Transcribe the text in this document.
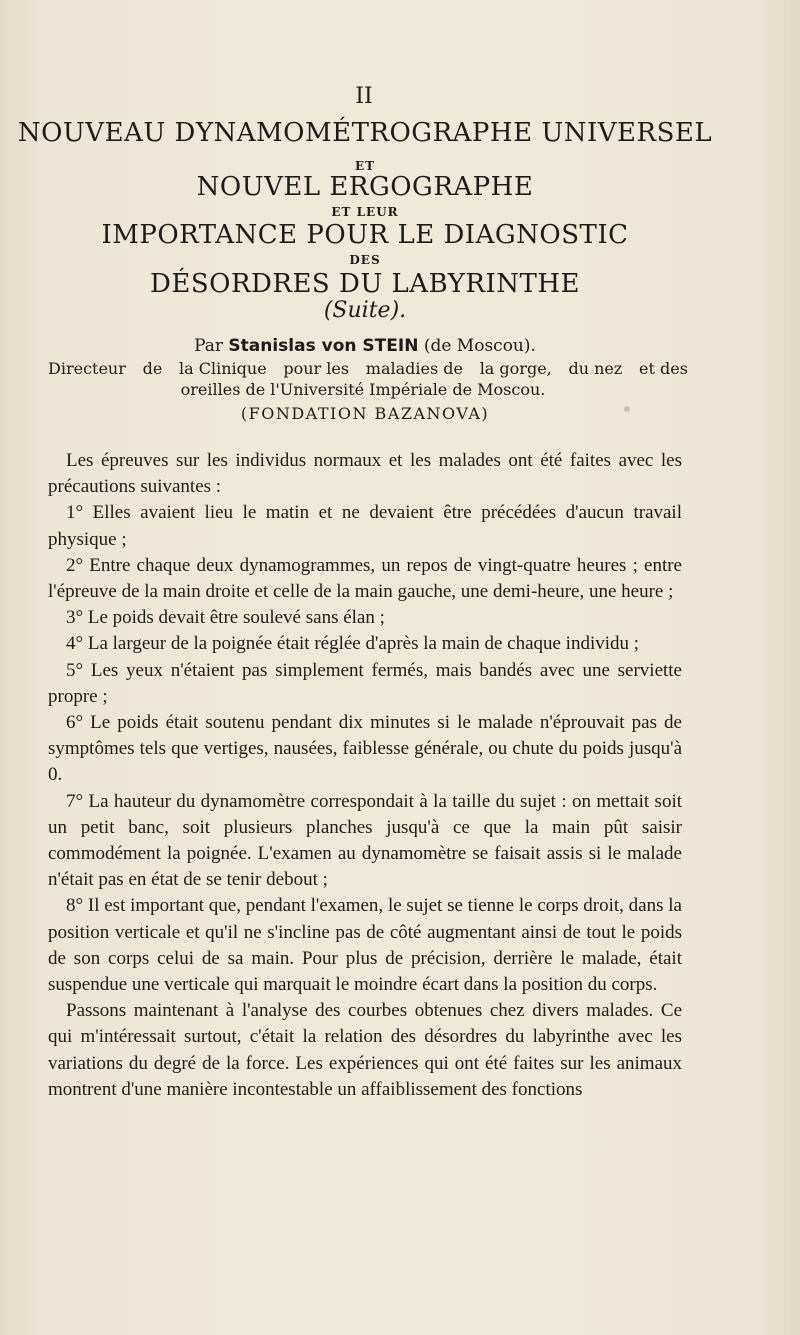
II
NOUVEAU DYNAMOMÉTROGRAPHE UNIVERSEL
ET
NOUVEL ERGOGRAPHE
ET LEUR
IMPORTANCE POUR LE DIAGNOSTIC
DES
DÉSORDRES DU LABYRINTHE
(Suite).
Par Stanislas von STEIN (de Moscou).
Directeur de la Clinique pour les maladies de la gorge, du nez et des
oreilles de l'Université Impériale de Moscou.
(FONDATION BAZANOVA)

Les épreuves sur les individus normaux et les malades ont été faites avec les précautions suivantes :

1° Elles avaient lieu le matin et ne devaient être précédées d'aucun travail physique ;

2° Entre chaque deux dynamogrammes, un repos de vingt-quatre heures ; entre l'épreuve de la main droite et celle de la main gauche, une demi-heure, une heure ;

3° Le poids devait être soulevé sans élan ;

4° La largeur de la poignée était réglée d'après la main de chaque individu ;

5° Les yeux n'étaient pas simplement fermés, mais bandés avec une serviette propre ;

6° Le poids était soutenu pendant dix minutes si le malade n'éprouvait pas de symptômes tels que vertiges, nausées, faiblesse générale, ou chute du poids jusqu'à 0.

7° La hauteur du dynamomètre correspondait à la taille du sujet : on mettait soit un petit banc, soit plusieurs planches jusqu'à ce que la main pût saisir commodément la poignée. L'examen au dynamomètre se faisait assis si le malade n'était pas en état de se tenir debout ;

8° Il est important que, pendant l'examen, le sujet se tienne le corps droit, dans la position verticale et qu'il ne s'incline pas de côté augmentant ainsi de tout le poids de son corps celui de sa main. Pour plus de précision, derrière le malade, était suspendue une verticale qui marquait le moindre écart dans la position du corps.

Passons maintenant à l'analyse des courbes obtenues chez divers malades. Ce qui m'intéressait surtout, c'était la relation des désordres du labyrinthe avec les variations du degré de la force. Les expériences qui ont été faites sur les animaux montrent d'une manière incontestable un affaiblissement des fonctions
